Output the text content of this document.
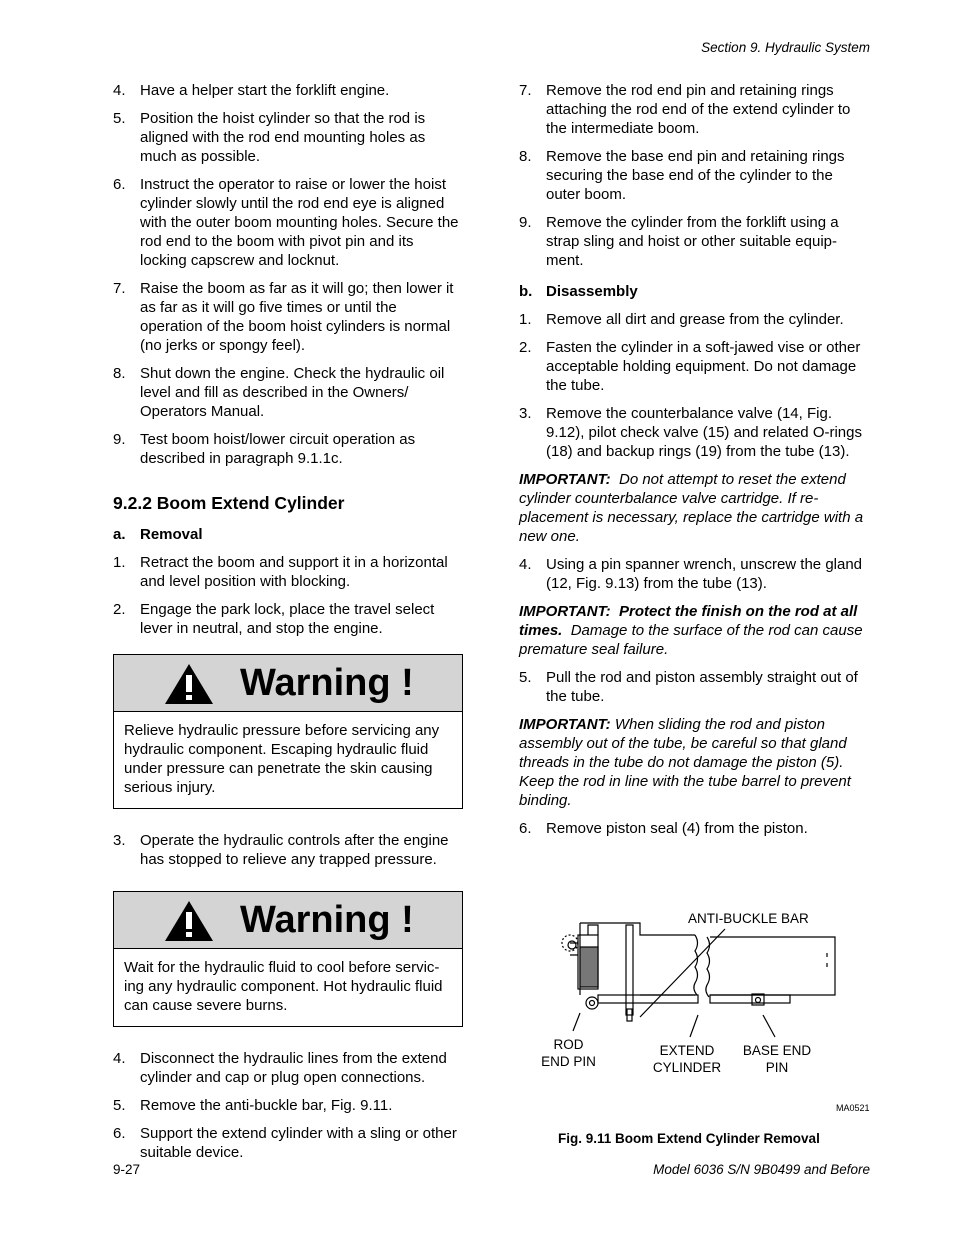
Section 9. Hydraulic System
4. Have a helper start the forklift engine.
5. Position the hoist cylinder so that the rod is aligned with the rod end mounting holes as much as possible.
6. Instruct the operator to raise or lower the hoist cylinder slowly until the rod end eye is aligned with the outer boom mounting holes. Secure the rod end to the boom with pivot pin and its locking capscrew and locknut.
7. Raise the boom as far as it will go; then lower it as far as it will go five times or until the operation of the boom hoist cylinders is normal (no jerks or spongy feel).
8. Shut down the engine. Check the hydraulic oil level and fill as described in the Owners/ Operators Manual.
9. Test boom hoist/lower circuit operation as described in paragraph 9.1.1c.
9.2.2 Boom Extend Cylinder
a. Removal
1. Retract the boom and support it in a horizontal and level position with blocking.
2. Engage the park lock, place the travel select lever in neutral, and stop the engine.
Warning !
Relieve hydraulic pressure before servicing any hydraulic component. Escaping hydraulic fluid under pressure can penetrate the skin causing serious injury.
3. Operate the hydraulic controls after the engine has stopped to relieve any trapped pressure.
Warning !
Wait for the hydraulic fluid to cool before servic-ing any hydraulic component. Hot hydraulic fluid can cause severe burns.
4. Disconnect the hydraulic lines from the extend cylinder and cap or plug open connections.
5. Remove the anti-buckle bar, Fig. 9.11.
6. Support the extend cylinder with a sling or other suitable device.
7. Remove the rod end pin and retaining rings attaching the rod end of the extend cylinder to the intermediate boom.
8. Remove the base end pin and retaining rings securing the base end of the cylinder to the outer boom.
9. Remove the cylinder from the forklift using a strap sling and hoist or other suitable equip-ment.
b. Disassembly
1. Remove all dirt and grease from the cylinder.
2. Fasten the cylinder in a soft-jawed vise or other acceptable holding equipment. Do not damage the tube.
3. Remove the counterbalance valve (14, Fig. 9.12), pilot check valve (15) and related O-rings (18) and backup rings (19) from the tube (13).
IMPORTANT: Do not attempt to reset the extend cylinder counterbalance valve cartridge. If re-placement is necessary, replace the cartridge with a new one.
4. Using a pin spanner wrench, unscrew the gland (12, Fig. 9.13) from the tube (13).
IMPORTANT: Protect the finish on the rod at all times. Damage to the surface of the rod can cause premature seal failure.
5. Pull the rod and piston assembly straight out of the tube.
IMPORTANT: When sliding the rod and piston assembly out of the tube, be careful so that gland threads in the tube do not damage the piston (5). Keep the rod in line with the tube barrel to prevent binding.
6. Remove piston seal (4) from the piston.
ANTI-BUCKLE BAR
ROD
END PIN
EXTEND
CYLINDER
BASE END
PIN
MA0521
Fig. 9.11 Boom Extend Cylinder Removal
9-27	Model 6036 S/N 9B0499 and Before
